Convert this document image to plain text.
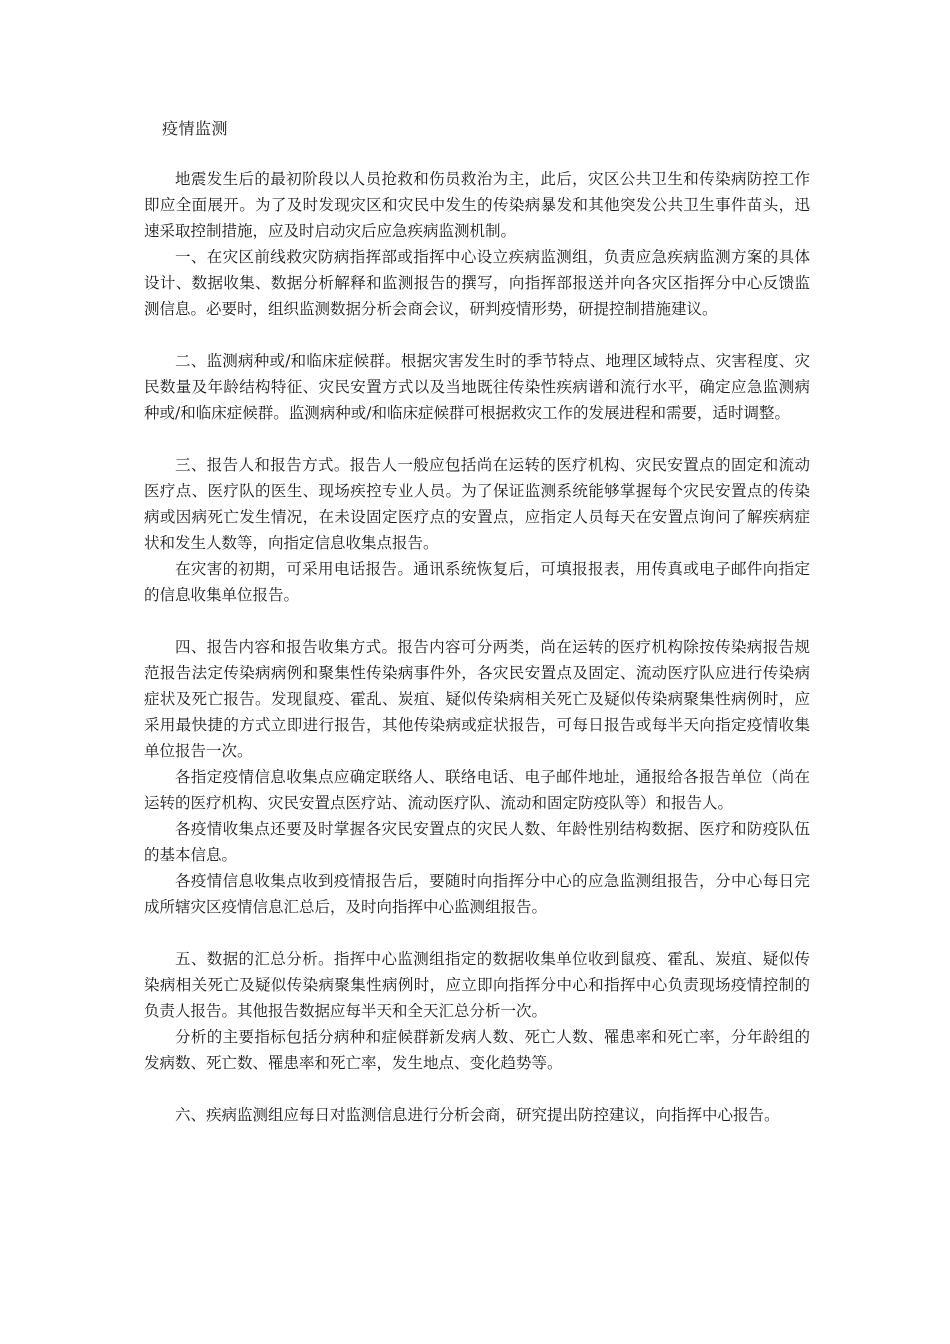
疫情监测

地震发生后的最初阶段以人员抢救和伤员救治为主，此后，灾区公共卫生和传染病防控工作即应全面展开。为了及时发现灾区和灾民中发生的传染病暴发和其他突发公共卫生事件苗头，迅速采取控制措施，应及时启动灾后应急疾病监测机制。

一、在灾区前线救灾防病指挥部或指挥中心设立疾病监测组，负责应急疾病监测方案的具体设计、数据收集、数据分析解释和监测报告的撰写，向指挥部报送并向各灾区指挥分中心反馈监测信息。必要时，组织监测数据分析会商会议，研判疫情形势，研提控制措施建议。

二、监测病种或/和临床症候群。根据灾害发生时的季节特点、地理区域特点、灾害程度、灾民数量及年龄结构特征、灾民安置方式以及当地既往传染性疾病谱和流行水平，确定应急监测病种或/和临床症候群。监测病种或/和临床症候群可根据救灾工作的发展进程和需要，适时调整。

三、报告人和报告方式。报告人一般应包括尚在运转的医疗机构、灾民安置点的固定和流动医疗点、医疗队的医生、现场疾控专业人员。为了保证监测系统能够掌握每个灾民安置点的传染病或因病死亡发生情况，在未设固定医疗点的安置点，应指定人员每天在安置点询问了解疾病症状和发生人数等，向指定信息收集点报告。

在灾害的初期，可采用电话报告。通讯系统恢复后，可填报报表，用传真或电子邮件向指定的信息收集单位报告。

四、报告内容和报告收集方式。报告内容可分两类，尚在运转的医疗机构除按传染病报告规范报告法定传染病病例和聚集性传染病事件外，各灾民安置点及固定、流动医疗队应进行传染病症状及死亡报告。发现鼠疫、霍乱、炭疽、疑似传染病相关死亡及疑似传染病聚集性病例时，应采用最快捷的方式立即进行报告，其他传染病或症状报告，可每日报告或每半天向指定疫情收集单位报告一次。

各指定疫情信息收集点应确定联络人、联络电话、电子邮件地址，通报给各报告单位（尚在运转的医疗机构、灾民安置点医疗站、流动医疗队、流动和固定防疫队等）和报告人。

各疫情收集点还要及时掌握各灾民安置点的灾民人数、年龄性别结构数据、医疗和防疫队伍的基本信息。

各疫情信息收集点收到疫情报告后，要随时向指挥分中心的应急监测组报告，分中心每日完成所辖灾区疫情信息汇总后，及时向指挥中心监测组报告。

五、数据的汇总分析。指挥中心监测组指定的数据收集单位收到鼠疫、霍乱、炭疽、疑似传染病相关死亡及疑似传染病聚集性病例时，应立即向指挥分中心和指挥中心负责现场疫情控制的负责人报告。其他报告数据应每半天和全天汇总分析一次。

分析的主要指标包括分病种和症候群新发病人数、死亡人数、罹患率和死亡率，分年龄组的发病数、死亡数、罹患率和死亡率，发生地点、变化趋势等。

六、疾病监测组应每日对监测信息进行分析会商，研究提出防控建议，向指挥中心报告。
